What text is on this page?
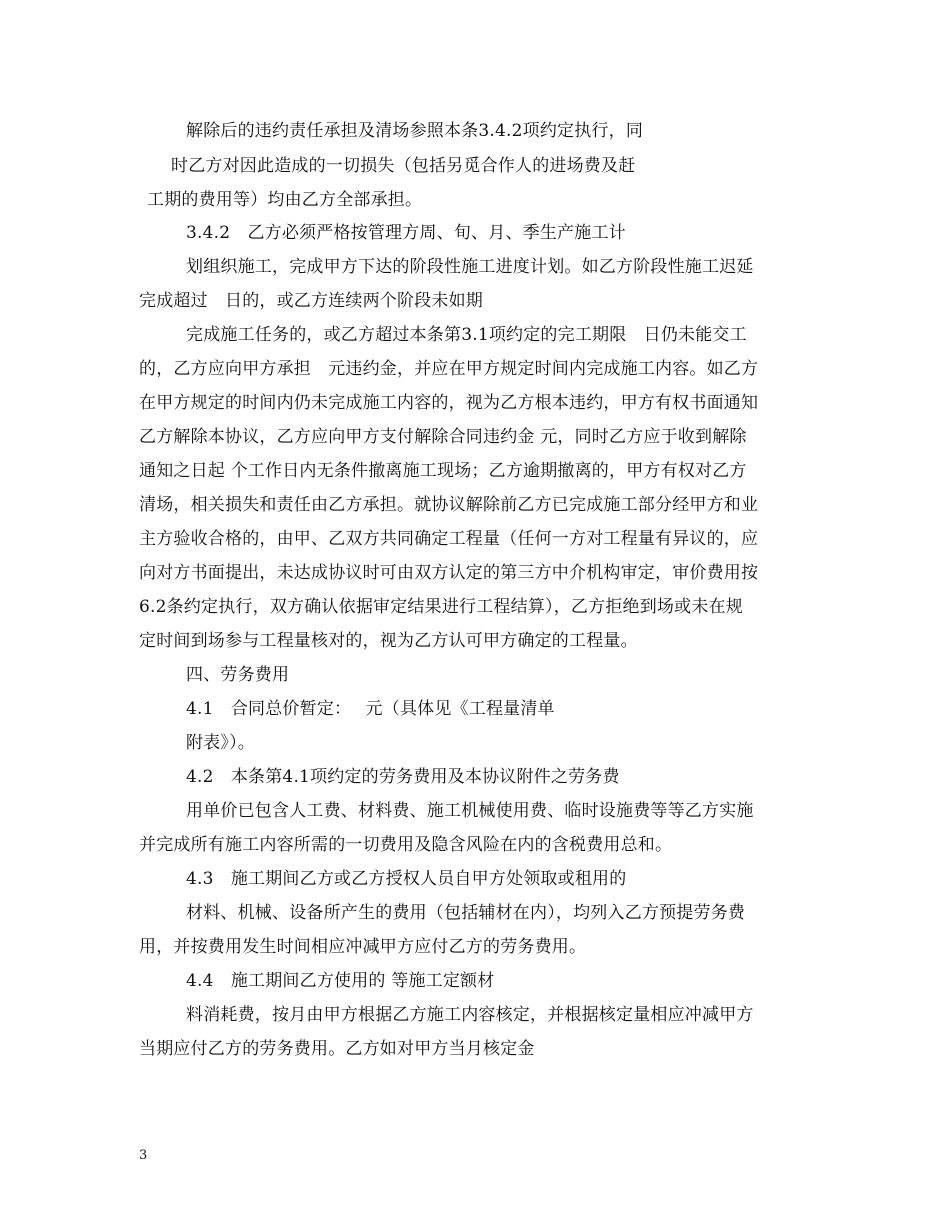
解除后的违约责任承担及清场参照本条3.4.2项约定执行，同
时乙方对因此造成的一切损失（包括另觅合作人的进场费及赶
工期的费用等）均由乙方全部承担。
3.4.2　乙方必须严格按管理方周、旬、月、季生产施工计
划组织施工，完成甲方下达的阶段性施工进度计划。如乙方阶段性施工迟延
完成超过　日的，或乙方连续两个阶段未如期
完成施工任务的，或乙方超过本条第3.1项约定的完工期限　日仍未能交工
的，乙方应向甲方承担　元违约金，并应在甲方规定时间内完成施工内容。如乙方
在甲方规定的时间内仍未完成施工内容的，视为乙方根本违约，甲方有权书面通知
乙方解除本协议，乙方应向甲方支付解除合同违约金 元，同时乙方应于收到解除
通知之日起 个工作日内无条件撤离施工现场；乙方逾期撤离的，甲方有权对乙方
清场，相关损失和责任由乙方承担。就协议解除前乙方已完成施工部分经甲方和业
主方验收合格的，由甲、乙双方共同确定工程量（任何一方对工程量有异议的，应
向对方书面提出，未达成协议时可由双方认定的第三方中介机构审定，审价费用按
6.2条约定执行，双方确认依据审定结果进行工程结算），乙方拒绝到场或未在规
定时间到场参与工程量核对的，视为乙方认可甲方确定的工程量。
四、劳务费用
4.1　合同总价暂定：　 元（具体见《工程量清单
附表》）。
4.2　本条第4.1项约定的劳务费用及本协议附件之劳务费
用单价已包含人工费、材料费、施工机械使用费、临时设施费等等乙方实施
并完成所有施工内容所需的一切费用及隐含风险在内的含税费用总和。
4.3　施工期间乙方或乙方授权人员自甲方处领取或租用的
材料、机械、设备所产生的费用（包括辅材在内），均列入乙方预提劳务费
用，并按费用发生时间相应冲减甲方应付乙方的劳务费用。
4.4　施工期间乙方使用的 等施工定额材
料消耗费，按月由甲方根据乙方施工内容核定，并根据核定量相应冲减甲方
当期应付乙方的劳务费用。乙方如对甲方当月核定金
3
